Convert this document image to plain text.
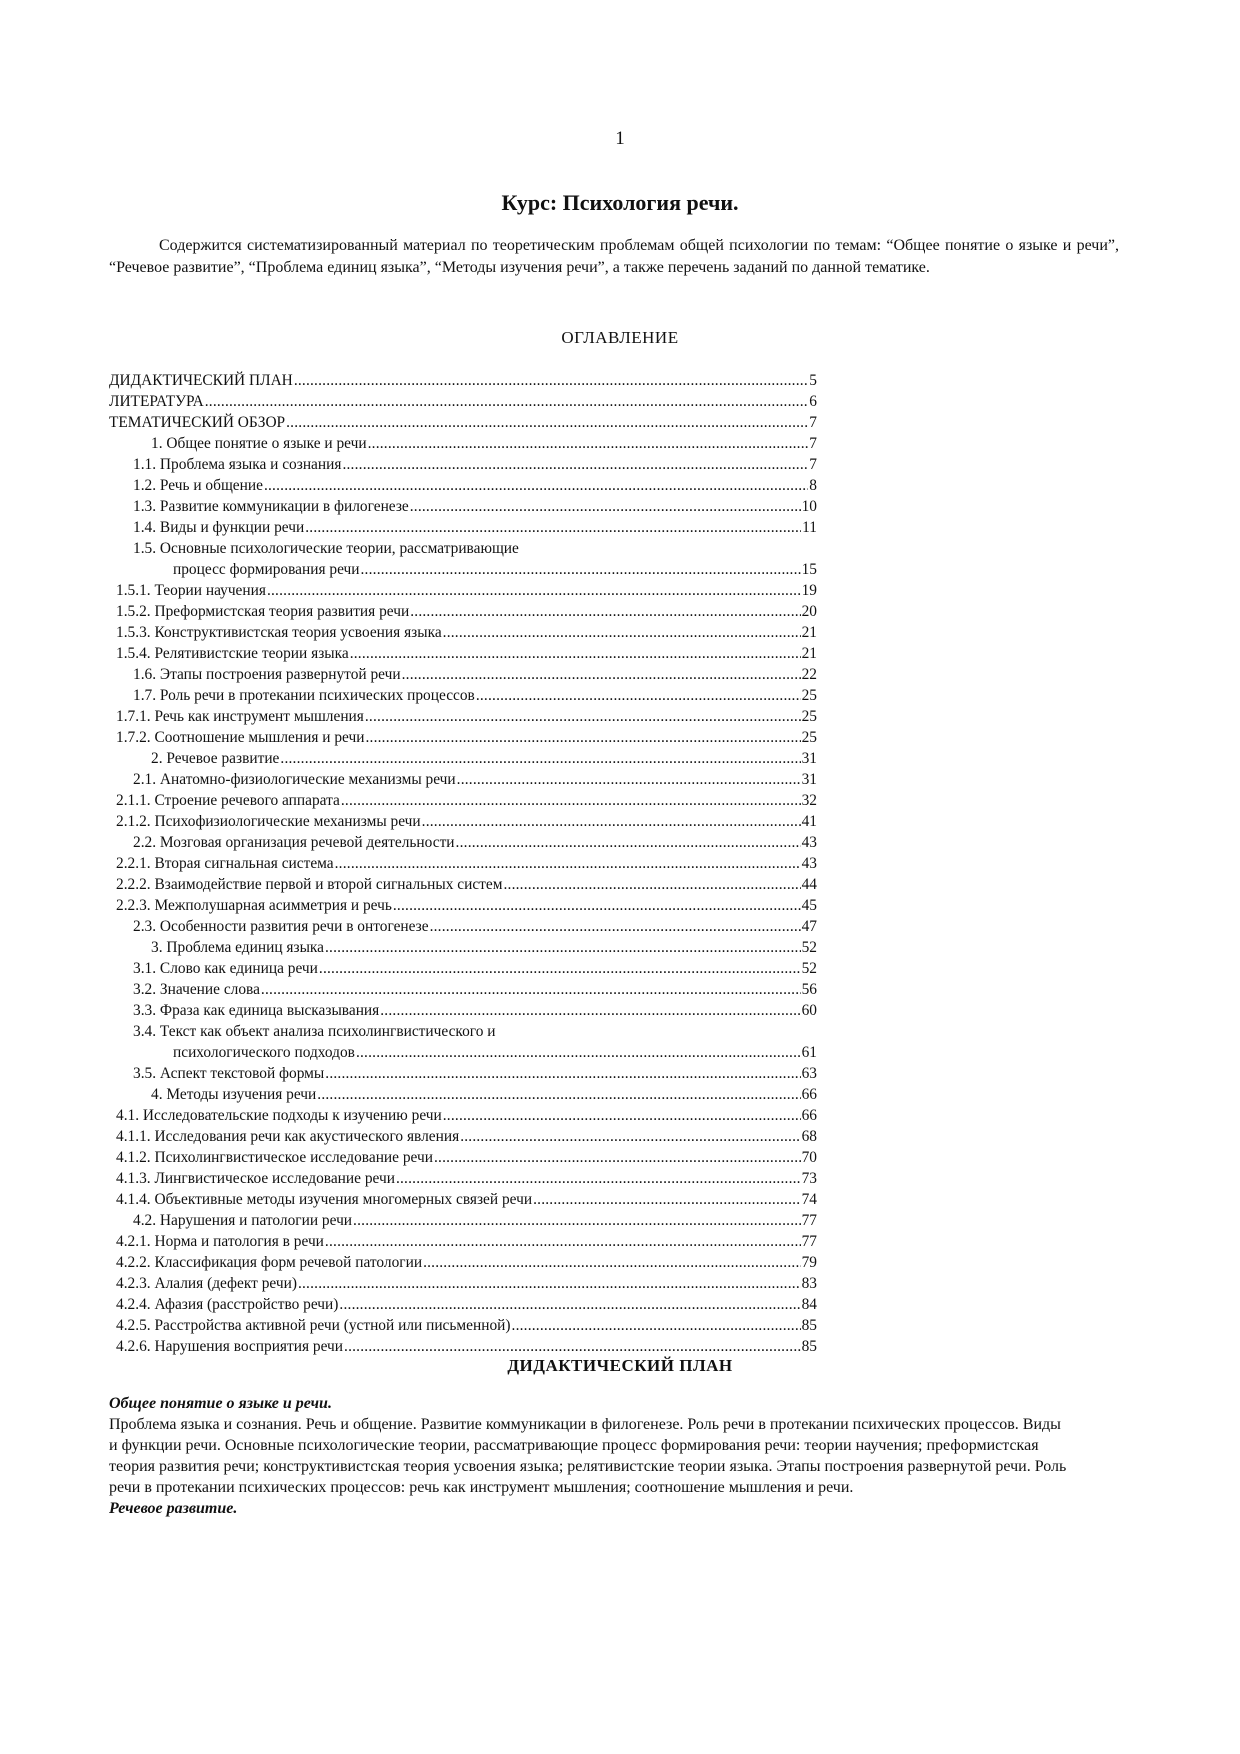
1
Курс: Психология речи.

Содержится систематизированный материал по теоретическим проблемам общей психологии по темам: “Общее понятие о языке и речи”, “Речевое развитие”, “Проблема единиц языка”, “Методы изучения речи”, а также перечень заданий по данной тематике.

ОГЛАВЛЕНИЕ
ДИДАКТИЧЕСКИЙ ПЛАН .....	5
ЛИТЕРАТУРА .....	6
ТЕМАТИЧЕСКИЙ ОБЗОР .....	7
1. Общее понятие о языке и речи .....	7
1.1. Проблема языка и сознания .....	7
1.2. Речь и общение .....	8
1.3. Развитие коммуникации в филогенезе .....	10
1.4. Виды и функции речи .....	11
1.5. Основные психологические теории, рассматривающие
процесс формирования речи .....	15
1.5.1. Теории научения .....	19
1.5.2. Преформистская теория развития речи .....	20
1.5.3. Конструктивистская теория усвоения языка .....	21
1.5.4. Релятивистские теории языка .....	21
1.6. Этапы построения развернутой речи .....	22
1.7. Роль речи в протекании психических процессов .....	25
1.7.1. Речь как инструмент мышления .....	25
1.7.2. Соотношение мышления и речи .....	25
2. Речевое развитие .....	31
2.1. Анатомно-физиологические механизмы речи .....	31
2.1.1. Строение речевого аппарата .....	32
2.1.2. Психофизиологические механизмы речи .....	41
2.2. Мозговая организация речевой деятельности .....	43
2.2.1. Вторая сигнальная система .....	43
2.2.2. Взаимодействие первой и второй сигнальных систем .....	44
2.2.3. Межполушарная асимметрия и речь .....	45
2.3. Особенности развития речи в онтогенезе .....	47
3. Проблема единиц языка .....	52
3.1. Слово как единица речи .....	52
3.2. Значение слова .....	56
3.3. Фраза как единица высказывания .....	60
3.4. Текст как объект анализа психолингвистического и
психологического подходов .....	61
3.5. Аспект текстовой формы .....	63
4. Методы изучения речи .....	66
4.1. Исследовательские подходы к изучению речи .....	66
4.1.1. Исследования речи как акустического явления .....	68
4.1.2. Психолингвистическое исследование речи .....	70
4.1.3. Лингвистическое исследование речи .....	73
4.1.4. Объективные методы изучения многомерных связей речи .....	74
4.2. Нарушения и патологии речи .....	77
4.2.1. Норма и патология в речи .....	77
4.2.2. Классификация форм речевой патологии .....	79
4.2.3. Алалия (дефект речи) .....	83
4.2.4. Афазия (расстройство речи) .....	84
4.2.5. Расстройства активной речи (устной или письменной) .....	85
4.2.6. Нарушения восприятия речи .....	85
ДИДАКТИЧЕСКИЙ ПЛАН

Общее понятие о языке и речи.

Проблема языка и сознания. Речь и общение. Развитие коммуникации в филогенезе. Роль речи в протекании психических процессов. Виды и функции речи. Основные психологические теории, рассматривающие процесс формирования речи: теории научения; преформистская теория развития речи; конструктивистская теория усвоения языка; релятивистские теории языка. Этапы построения развернутой речи. Роль речи в протекании психических процессов: речь как инструмент мышления; соотношение мышления и речи.

Речевое развитие.
